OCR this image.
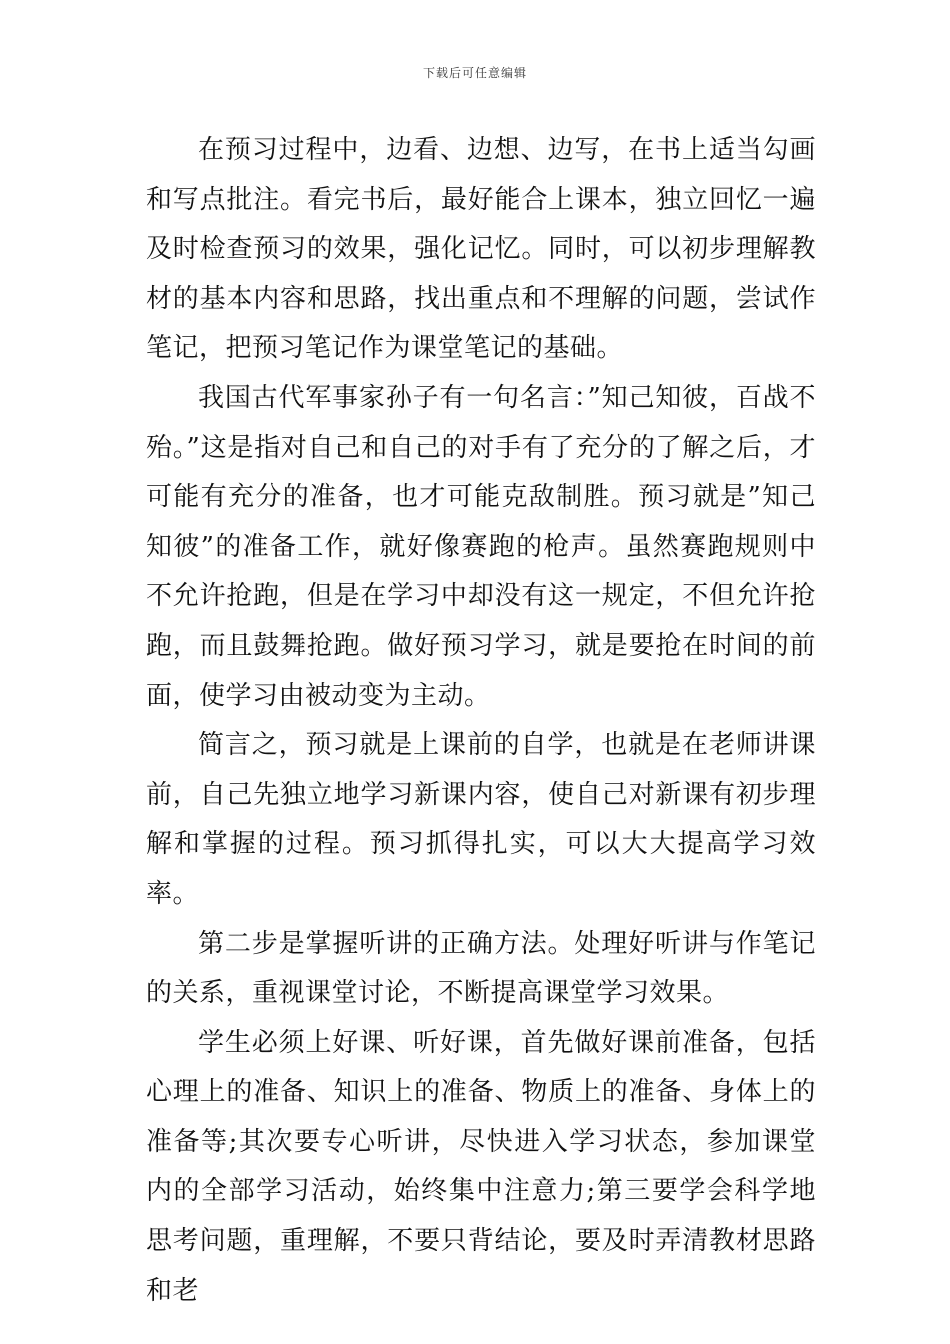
下载后可任意编辑

在预习过程中，边看、边想、边写，在书上适当勾画和写点批注。看完书后，最好能合上课本，独立回忆一遍及时检查预习的效果，强化记忆。同时，可以初步理解教材的基本内容和思路，找出重点和不理解的问题，尝试作笔记，把预习笔记作为课堂笔记的基础。

我国古代军事家孙子有一句名言：”知己知彼，百战不殆。”这是指对自己和自己的对手有了充分的了解之后，才可能有充分的准备，也才可能克敌制胜。预习就是”知己知彼”的准备工作，就好像赛跑的枪声。虽然赛跑规则中不允许抢跑，但是在学习中却没有这一规定，不但允许抢跑，而且鼓舞抢跑。做好预习学习，就是要抢在时间的前面，使学习由被动变为主动。

简言之，预习就是上课前的自学，也就是在老师讲课前，自己先独立地学习新课内容，使自己对新课有初步理解和掌握的过程。预习抓得扎实，可以大大提高学习效率。

第二步是掌握听讲的正确方法。处理好听讲与作笔记的关系，重视课堂讨论，不断提高课堂学习效果。

学生必须上好课、听好课，首先做好课前准备，包括心理上的准备、知识上的准备、物质上的准备、身体上的准备等;其次要专心听讲，尽快进入学习状态，参加课堂内的全部学习活动，始终集中注意力;第三要学会科学地思考问题，重理解，不要只背结论，要及时弄清教材思路和老
